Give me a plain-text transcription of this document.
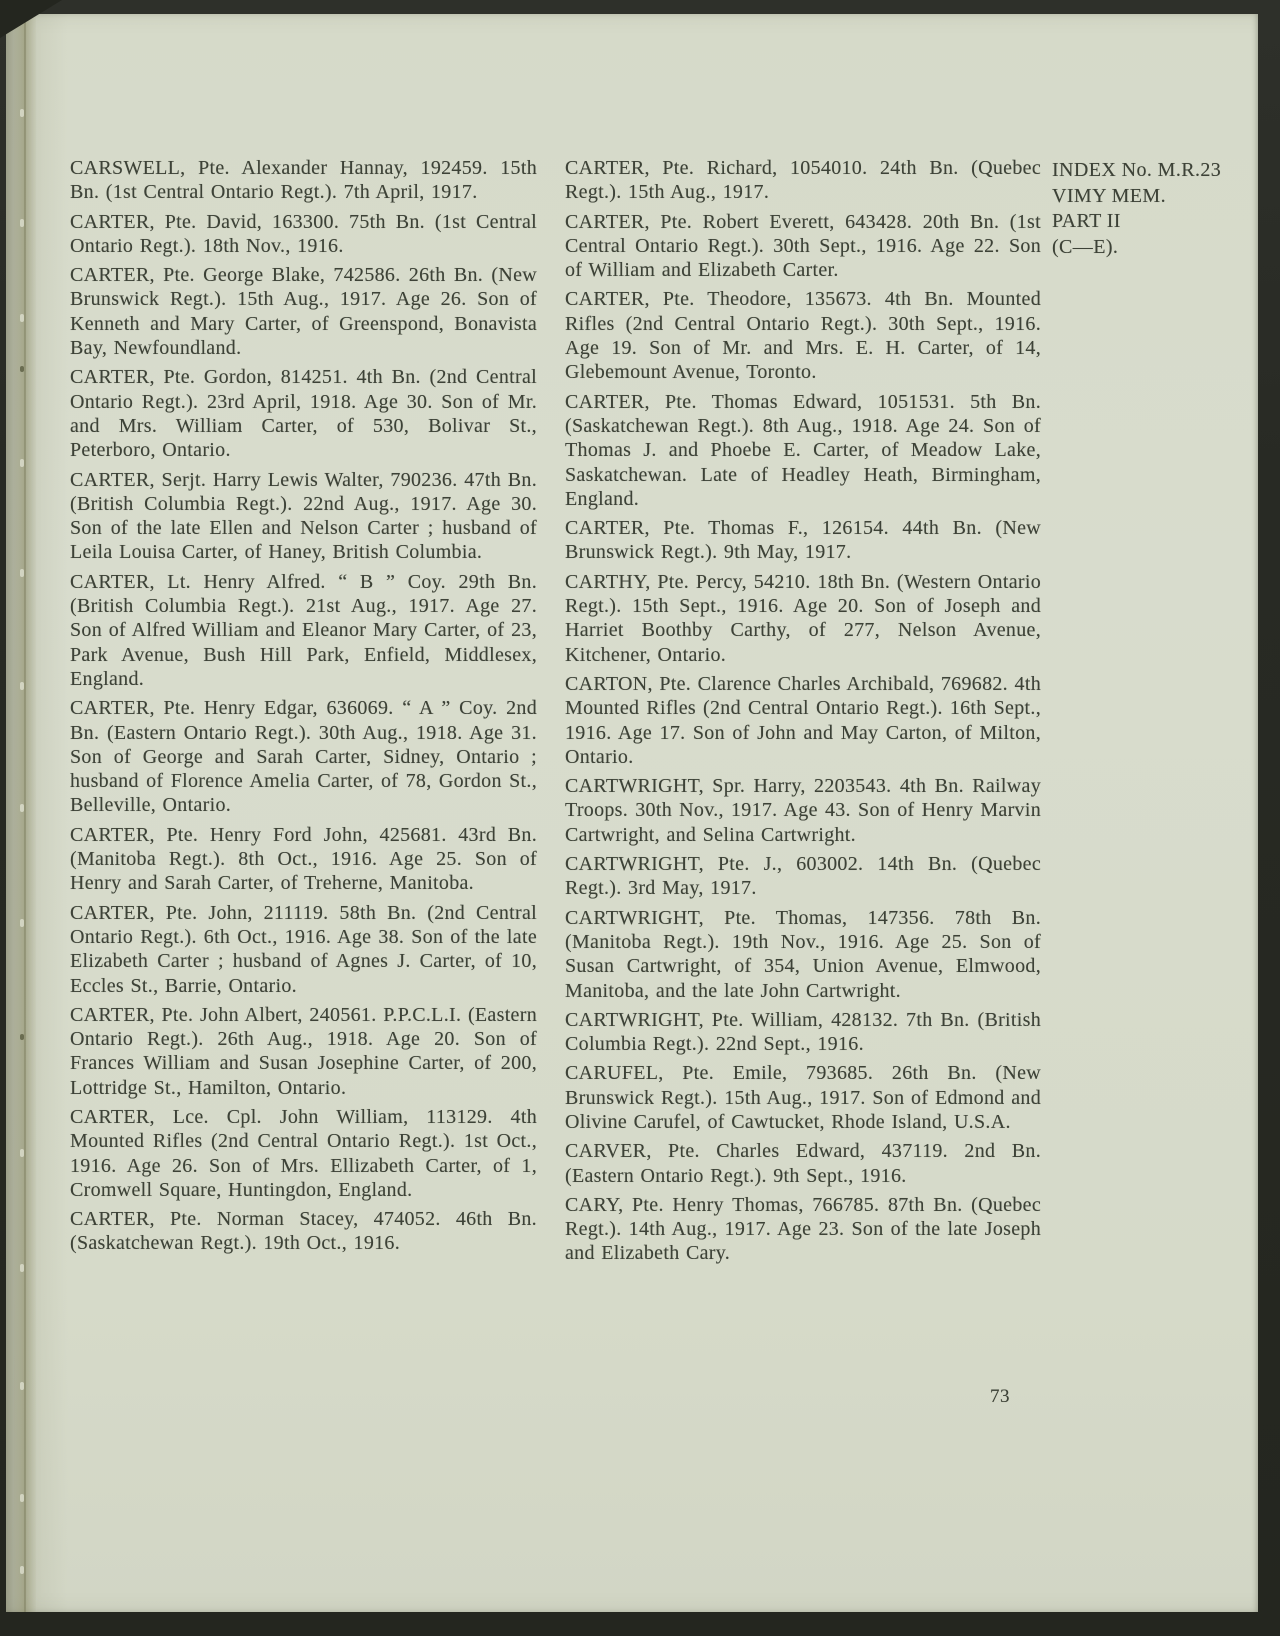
CARSWELL, Pte. Alexander Hannay, 192459. 15th Bn. (1st Central Ontario Regt.). 7th April, 1917.

CARTER, Pte. David, 163300. 75th Bn. (1st Central Ontario Regt.). 18th Nov., 1916.

CARTER, Pte. George Blake, 742586. 26th Bn. (New Brunswick Regt.). 15th Aug., 1917. Age 26. Son of Kenneth and Mary Carter, of Greenspond, Bonavista Bay, Newfoundland.

CARTER, Pte. Gordon, 814251. 4th Bn. (2nd Central Ontario Regt.). 23rd April, 1918. Age 30. Son of Mr. and Mrs. William Carter, of 530, Bolivar St., Peterboro, Ontario.

CARTER, Serjt. Harry Lewis Walter, 790236. 47th Bn. (British Columbia Regt.). 22nd Aug., 1917. Age 30. Son of the late Ellen and Nelson Carter ; husband of Leila Louisa Carter, of Haney, British Columbia.

CARTER, Lt. Henry Alfred. “ B ” Coy. 29th Bn. (British Columbia Regt.). 21st Aug., 1917. Age 27. Son of Alfred William and Eleanor Mary Carter, of 23, Park Avenue, Bush Hill Park, Enfield, Middlesex, England.

CARTER, Pte. Henry Edgar, 636069. “ A ” Coy. 2nd Bn. (Eastern Ontario Regt.). 30th Aug., 1918. Age 31. Son of George and Sarah Carter, Sidney, Ontario ; husband of Florence Amelia Carter, of 78, Gordon St., Belleville, Ontario.

CARTER, Pte. Henry Ford John, 425681. 43rd Bn. (Manitoba Regt.). 8th Oct., 1916. Age 25. Son of Henry and Sarah Carter, of Treherne, Manitoba.

CARTER, Pte. John, 211119. 58th Bn. (2nd Central Ontario Regt.). 6th Oct., 1916. Age 38. Son of the late Elizabeth Carter ; husband of Agnes J. Carter, of 10, Eccles St., Barrie, Ontario.

CARTER, Pte. John Albert, 240561. P.P.C.L.I. (Eastern Ontario Regt.). 26th Aug., 1918. Age 20. Son of Frances William and Susan Josephine Carter, of 200, Lottridge St., Hamilton, Ontario.

CARTER, Lce. Cpl. John William, 113129. 4th Mounted Rifles (2nd Central Ontario Regt.). 1st Oct., 1916. Age 26. Son of Mrs. Ellizabeth Carter, of 1, Cromwell Square, Huntingdon, England.

CARTER, Pte. Norman Stacey, 474052. 46th Bn. (Saskatchewan Regt.). 19th Oct., 1916.

CARTER, Pte. Richard, 1054010. 24th Bn. (Quebec Regt.). 15th Aug., 1917.

CARTER, Pte. Robert Everett, 643428. 20th Bn. (1st Central Ontario Regt.). 30th Sept., 1916. Age 22. Son of William and Elizabeth Carter.

CARTER, Pte. Theodore, 135673. 4th Bn. Mounted Rifles (2nd Central Ontario Regt.). 30th Sept., 1916. Age 19. Son of Mr. and Mrs. E. H. Carter, of 14, Glebemount Avenue, Toronto.

CARTER, Pte. Thomas Edward, 1051531. 5th Bn. (Saskatchewan Regt.). 8th Aug., 1918. Age 24. Son of Thomas J. and Phoebe E. Carter, of Meadow Lake, Saskatchewan. Late of Headley Heath, Birmingham, England.

CARTER, Pte. Thomas F., 126154. 44th Bn. (New Brunswick Regt.). 9th May, 1917.

CARTHY, Pte. Percy, 54210. 18th Bn. (Western Ontario Regt.). 15th Sept., 1916. Age 20. Son of Joseph and Harriet Boothby Carthy, of 277, Nelson Avenue, Kitchener, Ontario.

CARTON, Pte. Clarence Charles Archibald, 769682. 4th Mounted Rifles (2nd Central Ontario Regt.). 16th Sept., 1916. Age 17. Son of John and May Carton, of Milton, Ontario.

CARTWRIGHT, Spr. Harry, 2203543. 4th Bn. Railway Troops. 30th Nov., 1917. Age 43. Son of Henry Marvin Cartwright, and Selina Cartwright.

CARTWRIGHT, Pte. J., 603002. 14th Bn. (Quebec Regt.). 3rd May, 1917.

CARTWRIGHT, Pte. Thomas, 147356. 78th Bn. (Manitoba Regt.). 19th Nov., 1916. Age 25. Son of Susan Cartwright, of 354, Union Avenue, Elmwood, Manitoba, and the late John Cartwright.

CARTWRIGHT, Pte. William, 428132. 7th Bn. (British Columbia Regt.). 22nd Sept., 1916.

CARUFEL, Pte. Emile, 793685. 26th Bn. (New Brunswick Regt.). 15th Aug., 1917. Son of Edmond and Olivine Carufel, of Cawtucket, Rhode Island, U.S.A.

CARVER, Pte. Charles Edward, 437119. 2nd Bn. (Eastern Ontario Regt.). 9th Sept., 1916.

CARY, Pte. Henry Thomas, 766785. 87th Bn. (Quebec Regt.). 14th Aug., 1917. Age 23. Son of the late Joseph and Elizabeth Cary.

INDEX No. M.R.23
VIMY MEM.
PART II
(C—E).
73
